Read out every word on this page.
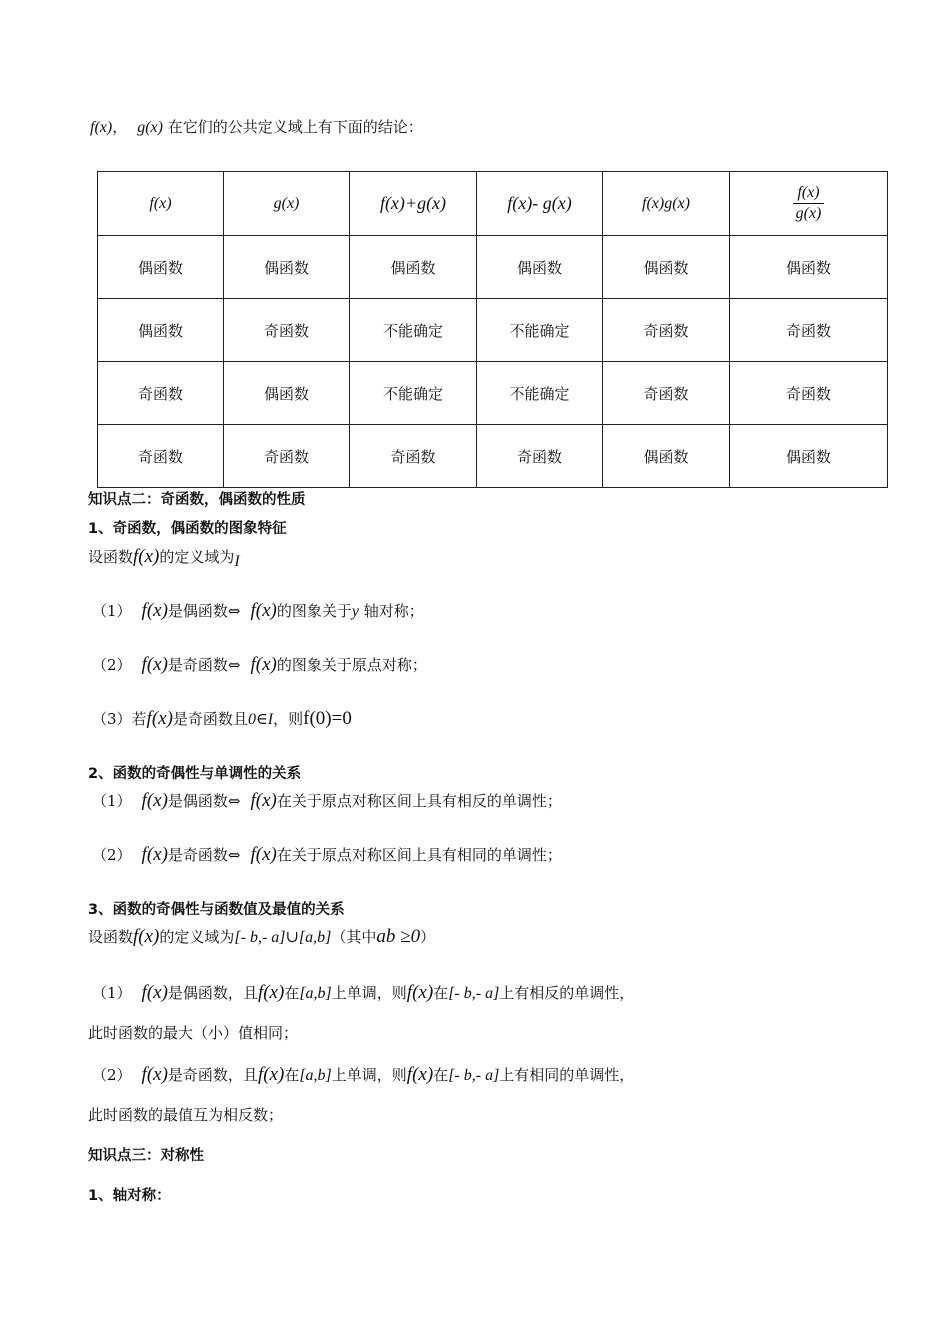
f(x)， g(x) 在它们的公共定义域上有下面的结论：
f(x)	g(x)	f(x)+g(x)	f(x)- g(x)	f(x)g(x)	$\frac{f(x)}{g(x)}$

偶函数	偶函数	偶函数	偶函数	偶函数	偶函数
偶函数	奇函数	不能确定	不能确定	奇函数	奇函数
奇函数	偶函数	不能确定	不能确定	奇函数	奇函数
奇函数	奇函数	奇函数	奇函数	偶函数	偶函数
知识点二：奇函数，偶函数的性质
1、奇函数，偶函数的图象特征
设函数f(x)的定义域为I
（1） f(x)是偶函数⇔ f(x)的图象关于y 轴对称；
（2） f(x)是奇函数⇔ f(x)的图象关于原点对称；
（3）若f(x)是奇函数且0∈I，则f(0)=0
2、函数的奇偶性与单调性的关系
（1） f(x)是偶函数⇔ f(x)在关于原点对称区间上具有相反的单调性；
（2） f(x)是奇函数⇔ f(x)在关于原点对称区间上具有相同的单调性；
3、函数的奇偶性与函数值及最值的关系
设函数f(x)的定义域为[- b,- a]∪[a,b]（其中ab ≥0）
（1） f(x)是偶函数，且f(x)在[a,b]上单调，则f(x)在[- b,- a]上有相反的单调性，
此时函数的最大（小）值相同；
（2） f(x)是奇函数，且f(x)在[a,b]上单调，则f(x)在[- b,- a]上有相同的单调性，
此时函数的最值互为相反数；
知识点三：对称性
1、轴对称：
